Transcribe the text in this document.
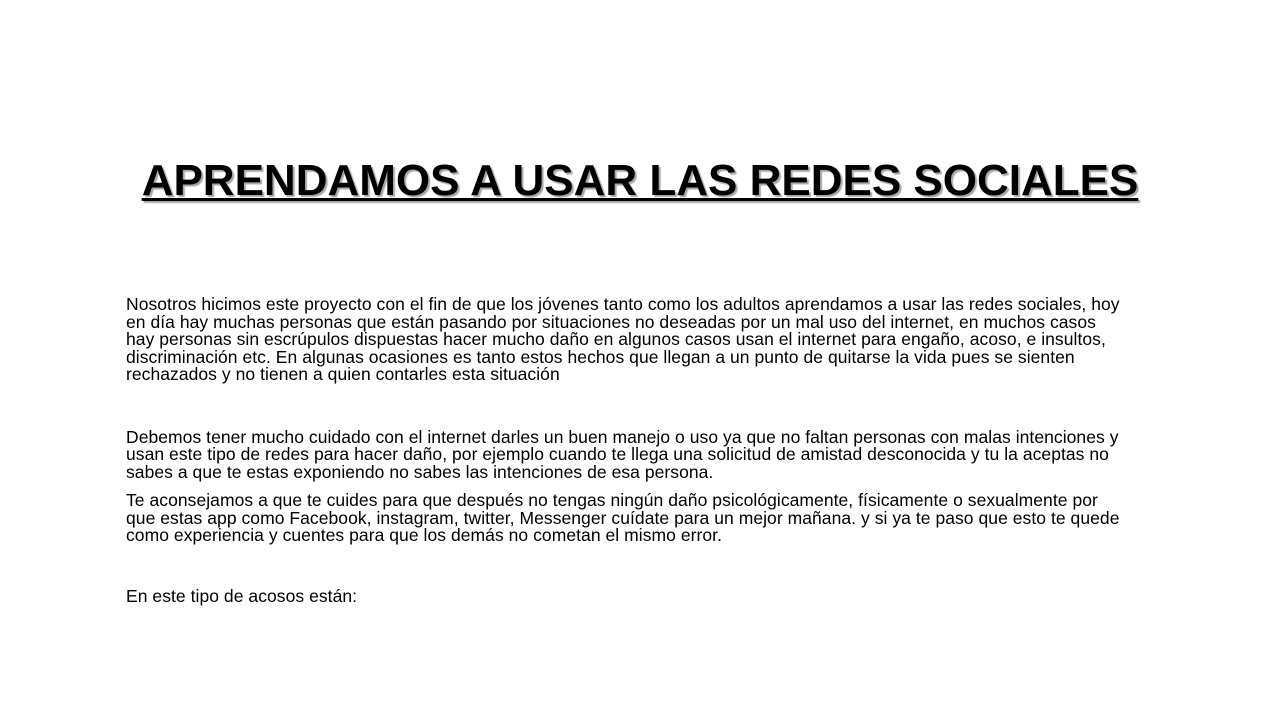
APRENDAMOS A USAR LAS REDES SOCIALES

Nosotros hicimos este proyecto con el fin de que los jóvenes tanto como los adultos aprendamos a usar las redes sociales, hoy en día hay muchas personas que están pasando por situaciones no deseadas por un mal uso del internet, en muchos casos hay personas sin escrúpulos dispuestas hacer mucho daño en algunos casos usan el internet para engaño, acoso, e insultos, discriminación etc. En algunas ocasiones es tanto estos hechos que llegan a un punto de quitarse la vida pues se sienten rechazados y no tienen a quien contarles esta situación

Debemos tener mucho cuidado con el internet darles un buen manejo o uso ya que no faltan personas con malas intenciones y usan este tipo de redes para hacer daño, por ejemplo cuando te llega una solicitud de amistad desconocida y tu la aceptas no sabes a que te estas exponiendo no sabes las intenciones de esa persona.

Te aconsejamos a que te cuides para que después no tengas ningún daño psicológicamente, físicamente o sexualmente por que estas app como Facebook, instagram, twitter, Messenger cuídate para un mejor mañana. y si ya te paso que esto te quede como experiencia y cuentes para que los demás no cometan el mismo error.

En este tipo de acosos están:
